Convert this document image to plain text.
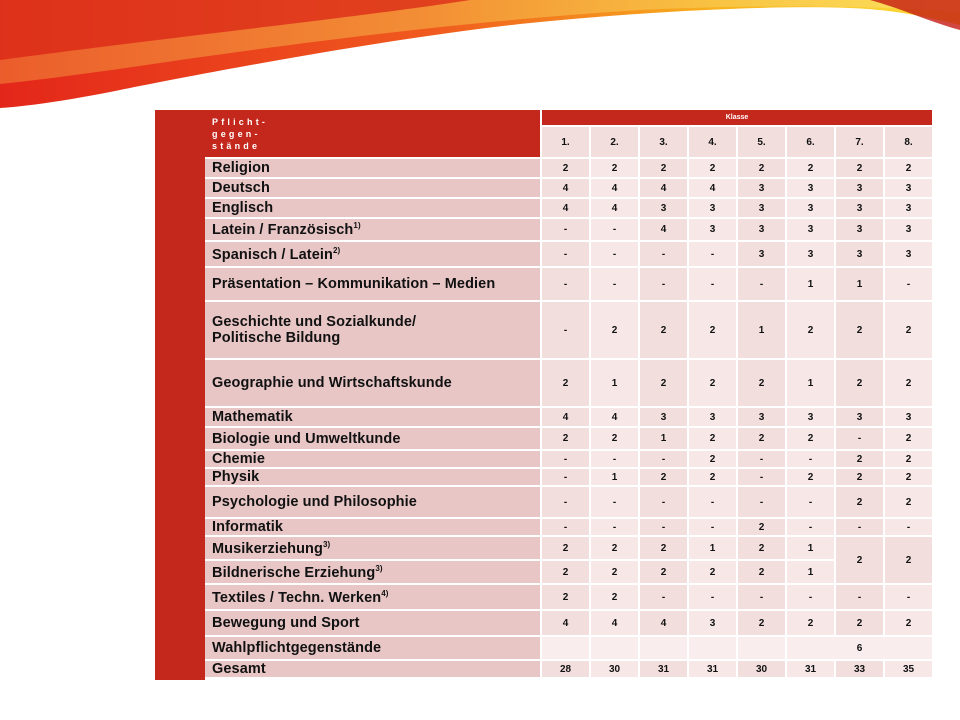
Pflicht-
gegen-
stände	Klasse							
	1.	2.	3.	4.	5.	6.	7.	8.
Religion	2	2	2	2	2	2	2	2
Deutsch	4	4	4	4	3	3	3	3
Englisch	4	4	3	3	3	3	3	3
Latein / Französisch$^{1)}$	-	-	4	3	3	3	3	3
Spanisch / Latein$^{2)}$	-	-	-	-	3	3	3	3
Präsentation – Kommunikation – Medien	-	-	-	-	-	1	1	-

Geschichte und Sozialkunde/
Politische Bildung	-	2	2	2	1	2	2	2
Geographie und Wirtschaftskunde	2	1	2	2	2	1	2	2
Mathematik	4	4	3	3	3	3	3	3
Biologie und Umweltkunde	2	2	1	2	2	2	-	2
Chemie	-	-	-	2	-	-	2	2
Physik	-	1	2	2	-	2	2	2
Psychologie und Philosophie	-	-	-	-	-	-	2	2
Informatik	-	-	-	-	2	-	-	-
Musikerziehung$^{3)}$	2	2	2	1	2	1	2	2
Bildnerische Erziehung$^{3)}$	2	2	2	2	2	1		
Textiles / Techn. Werken$^{4)}$	2	2	-	-	-	-	-	-
Bewegung und Sport	4	4	4	3	2	2	2	2
Wahlpflichtgegenstände						6		
Gesamt	28	30	31	31	30	31	33	35
